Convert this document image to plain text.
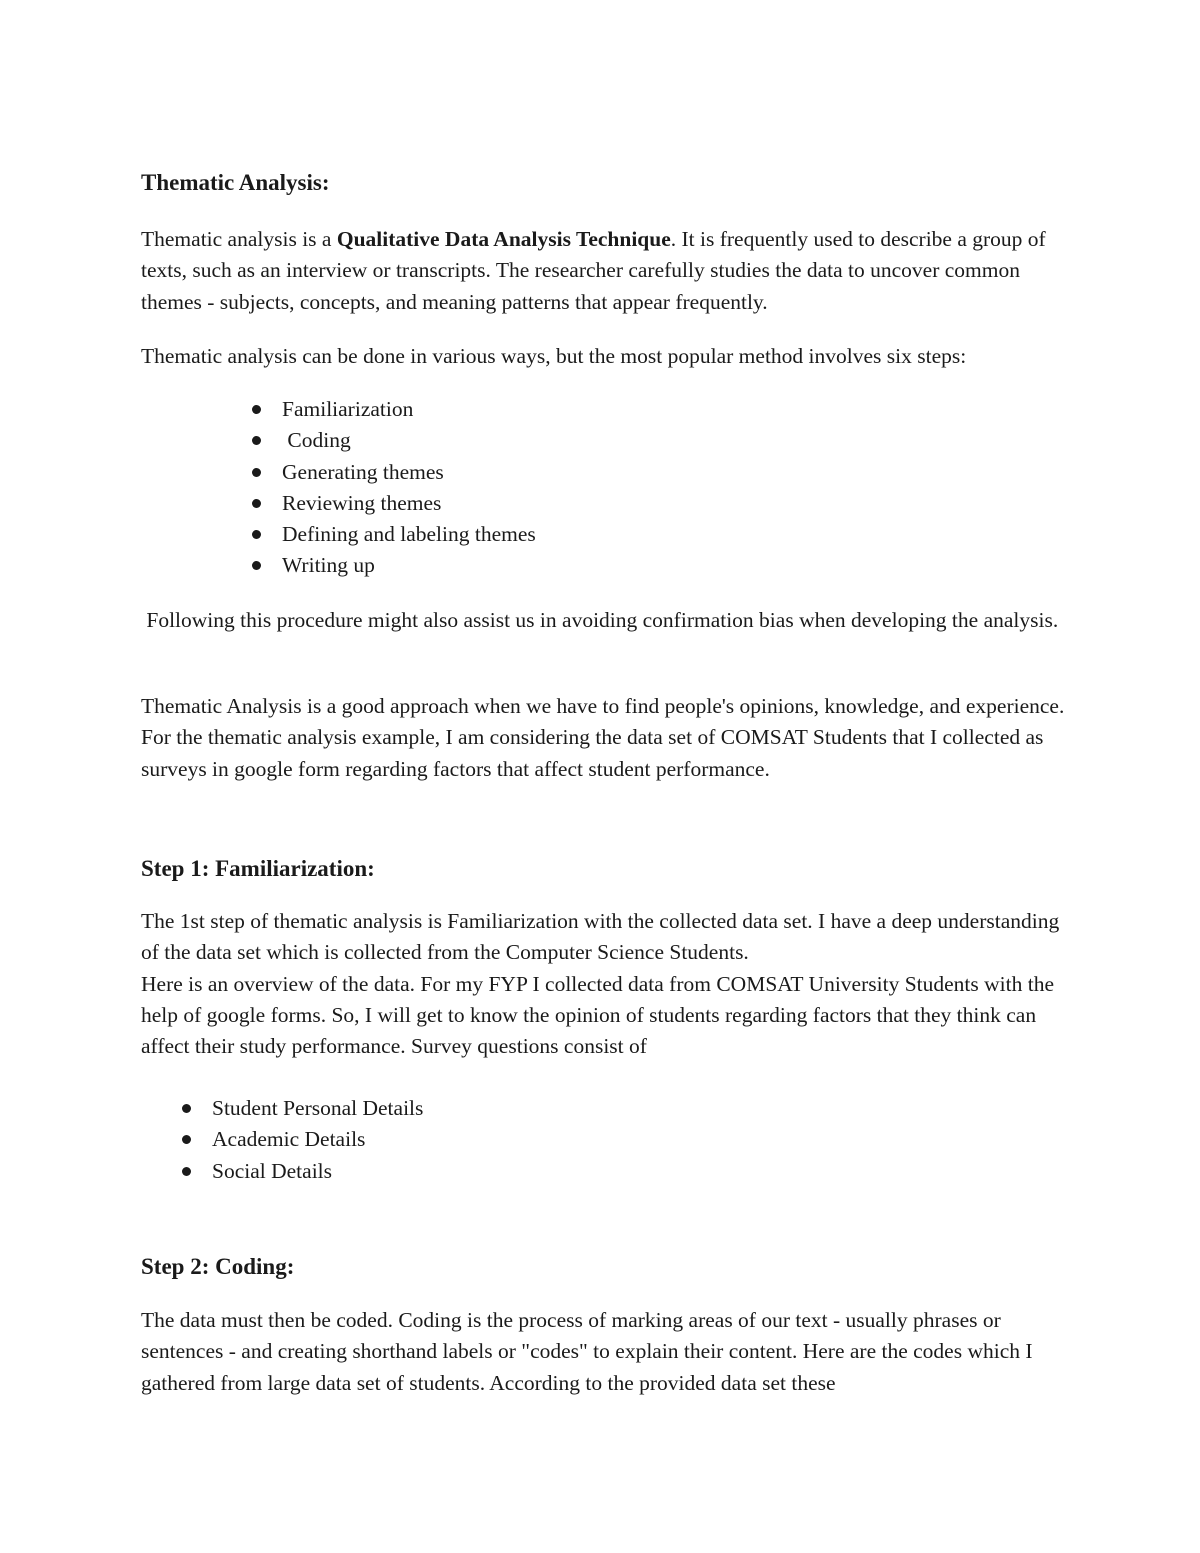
Thematic Analysis:

Thematic analysis is a Qualitative Data Analysis Technique. It is frequently used to describe a group of texts, such as an interview or transcripts. The researcher carefully studies the data to uncover common themes - subjects, concepts, and meaning patterns that appear frequently.

Thematic analysis can be done in various ways, but the most popular method involves six steps:

Familiarization
Coding
Generating themes
Reviewing themes
Defining and labeling themes
Writing up

Following this procedure might also assist us in avoiding confirmation bias when developing the analysis.

Thematic Analysis is a good approach when we have to find people's opinions, knowledge, and experience. For the thematic analysis example, I am considering the data set of COMSAT Students that I collected as surveys in google form regarding factors that affect student performance.

Step 1: Familiarization:

The 1st step of thematic analysis is Familiarization with the collected data set. I have a deep understanding of the data set which is collected from the Computer Science Students.
Here is an overview of the data. For my FYP I collected data from COMSAT University Students with the help of google forms. So, I will get to know the opinion of students regarding factors that they think can affect their study performance. Survey questions consist of

Student Personal Details
Academic Details
Social Details
Step 2: Coding:

The data must then be coded. Coding is the process of marking areas of our text - usually phrases or sentences - and creating shorthand labels or "codes" to explain their content. Here are the codes which I gathered from large data set of students. According to the provided data set these
